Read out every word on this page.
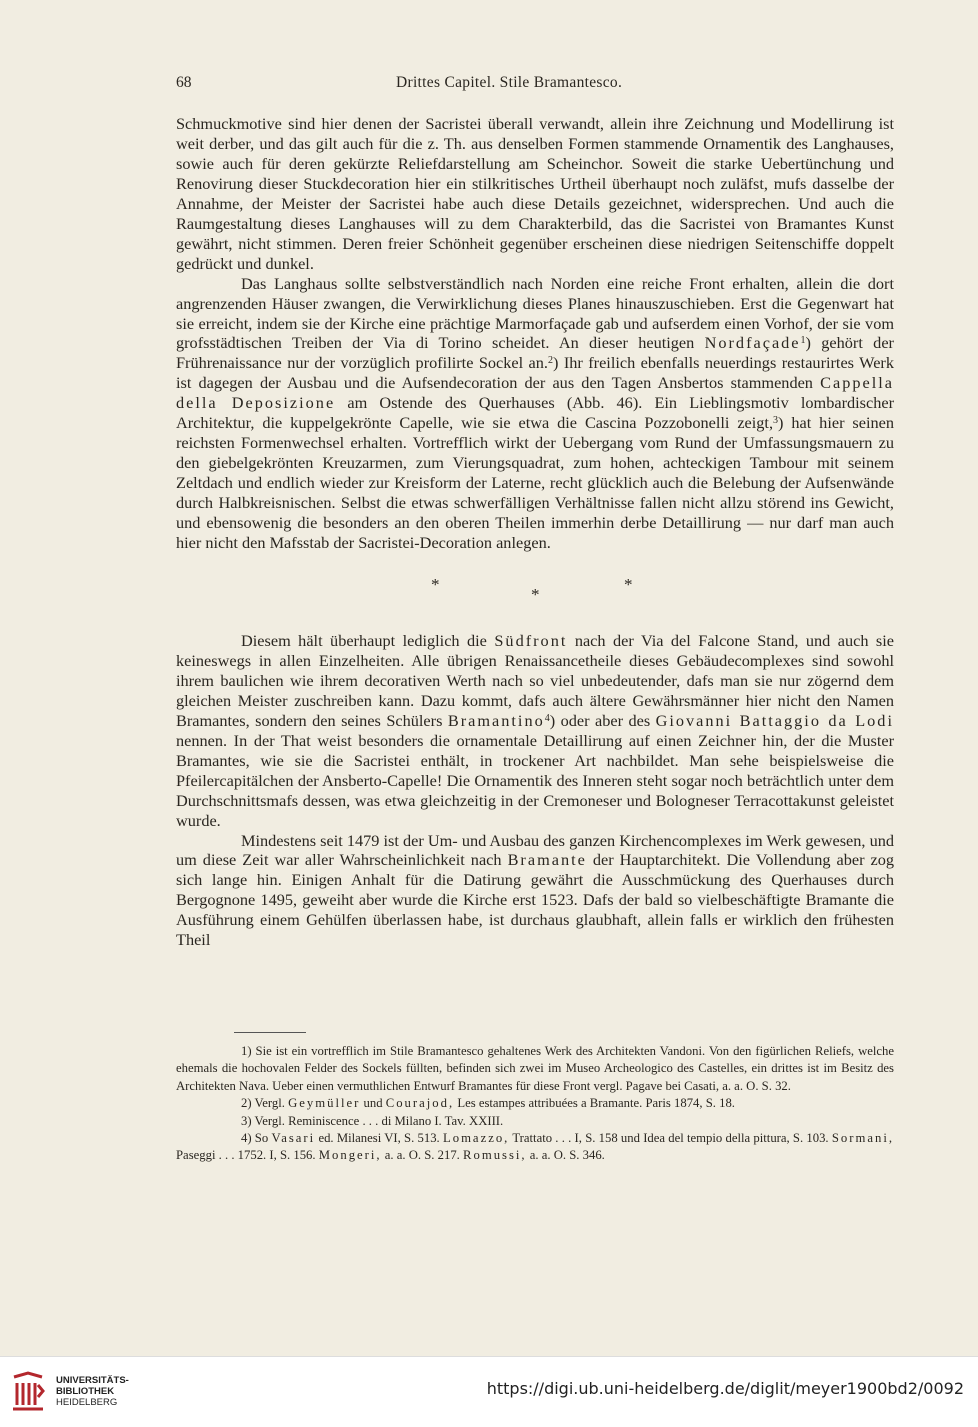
68	Drittes Capitel. Stile Bramantesco.

Schmuckmotive sind hier denen der Sacristei überall verwandt, allein ihre Zeichnung und Modellirung ist weit derber, und das gilt auch für die z. Th. aus denselben Formen stammende Ornamentik des Langhauses, sowie auch für deren gekürzte Reliefdarstellung am Scheinchor. Soweit die starke Uebertünchung und Renovirung dieser Stuckdecoration hier ein stilkritisches Urtheil überhaupt noch zuläfst, mufs dasselbe der Annahme, der Meister der Sacristei habe auch diese Details gezeichnet, widersprechen. Und auch die Raumgestaltung dieses Langhauses will zu dem Charakterbild, das die Sacristei von Bramantes Kunst gewährt, nicht stimmen. Deren freier Schönheit gegenüber erscheinen diese niedrigen Seitenschiffe doppelt gedrückt und dunkel.

Das Langhaus sollte selbstverständlich nach Norden eine reiche Front erhalten, allein die dort angrenzenden Häuser zwangen, die Verwirklichung dieses Planes hinauszuschieben. Erst die Gegenwart hat sie erreicht, indem sie der Kirche eine prächtige Marmorfaçade gab und aufserdem einen Vorhof, der sie vom grofsstädtischen Treiben der Via di Torino scheidet. An dieser heutigen Nordfaçade$^1$) gehört der Frührenaissance nur der vorzüglich profilirte Sockel an.$^2$) Ihr freilich ebenfalls neuerdings restaurirtes Werk ist dagegen der Ausbau und die Aufsendecoration der aus den Tagen Ansbertos stammenden Cappella della Deposizione am Ostende des Querhauses (Abb. 46). Ein Lieblingsmotiv lombardischer Architektur, die kuppelgekrönte Capelle, wie sie etwa die Cascina Pozzobonelli zeigt,$^3$) hat hier seinen reichsten Formenwechsel erhalten. Vortrefflich wirkt der Uebergang vom Rund der Umfassungsmauern zu den giebelgekrönten Kreuzarmen, zum Vierungsquadrat, zum hohen, achteckigen Tambour mit seinem Zeltdach und endlich wieder zur Kreisform der Laterne, recht glücklich auch die Belebung der Aufsenwände durch Halbkreisnischen. Selbst die etwas schwerfälligen Verhältnisse fallen nicht allzu störend ins Gewicht, und ebensowenig die besonders an den oberen Theilen immerhin derbe Detaillirung — nur darf man auch hier nicht den Mafsstab der Sacristei-Decoration anlegen.

*
*
*

Diesem hält überhaupt lediglich die Südfront nach der Via del Falcone Stand, und auch sie keineswegs in allen Einzelheiten. Alle übrigen Renaissancetheile dieses Gebäudecomplexes sind sowohl ihrem baulichen wie ihrem decorativen Werth nach so viel unbedeutender, dafs man sie nur zögernd dem gleichen Meister zuschreiben kann. Dazu kommt, dafs auch ältere Gewährsmänner hier nicht den Namen Bramantes, sondern den seines Schülers Bramantino$^4$) oder aber des Giovanni Battaggio da Lodi nennen. In der That weist besonders die ornamentale Detaillirung auf einen Zeichner hin, der die Muster Bramantes, wie sie die Sacristei enthält, in trockener Art nachbildet. Man sehe beispielsweise die Pfeilercapitälchen der Ansberto-Capelle! Die Ornamentik des Inneren steht sogar noch beträchtlich unter dem Durchschnittsmafs dessen, was etwa gleichzeitig in der Cremoneser und Bologneser Terracottakunst geleistet wurde.

Mindestens seit 1479 ist der Um- und Ausbau des ganzen Kirchencomplexes im Werk gewesen, und um diese Zeit war aller Wahrscheinlichkeit nach Bramante der Hauptarchitekt. Die Vollendung aber zog sich lange hin. Einigen Anhalt für die Datirung gewährt die Ausschmückung des Querhauses durch Bergognone 1495, geweiht aber wurde die Kirche erst 1523. Dafs der bald so vielbeschäftigte Bramante die Ausführung einem Gehülfen überlassen habe, ist durchaus glaubhaft, allein falls er wirklich den frühesten Theil

1) Sie ist ein vortrefflich im Stile Bramantesco gehaltenes Werk des Architekten Vandoni. Von den figürlichen Reliefs, welche ehemals die hochovalen Felder des Sockels füllten, befinden sich zwei im Museo Archeologico des Castelles, ein drittes ist im Besitz des Architekten Nava. Ueber einen vermuthlichen Entwurf Bramantes für diese Front vergl. Pagave bei Casati, a. a. O. S. 32.

2) Vergl. Geymüller und Courajod, Les estampes attribuées a Bramante. Paris 1874, S. 18.

3) Vergl. Reminiscence . . . di Milano I. Tav. XXIII.

4) So Vasari ed. Milanesi VI, S. 513. Lomazzo, Trattato . . . I, S. 158 und Idea del tempio della pittura, S. 103. Sormani, Paseggi . . . 1752. I, S. 156. Mongeri, a. a. O. S. 217. Romussi, a. a. O. S. 346.

UNIVERSITÄTS-
BIBLIOTHEK
HEIDELBERG
https://digi.ub.uni-heidelberg.de/diglit/meyer1900bd2/0092
